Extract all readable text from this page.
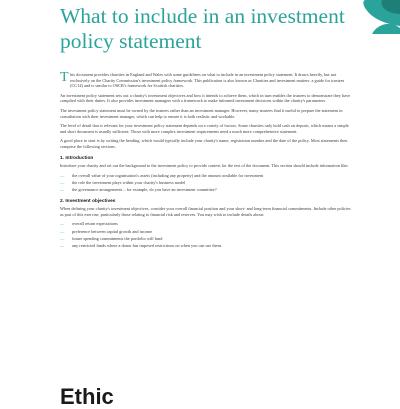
What to include in an investment policy statement

This document provides charities in England and Wales with some guidelines on what to include in an investment policy statement. It draws heavily, but not exclusively on the Charity Commission's investment policy framework. This publication is also known as Charities and investment matters: a guide for trustees (CC14) and is similar to OSCR's framework for Scottish charities.

An investment policy statement sets out a charity's investment objectives and how it intends to achieve them, which in turn enables the trustees to demonstrate they have complied with their duties. It also provides investment managers with a framework to make informed investment decisions within the charity's parameters.

The investment policy statement must be owned by the trustees rather than an investment manager. However, many trustees find it useful to prepare the statement in consultation with their investment manager, which can help to ensure it is both realistic and workable.

The level of detail that is relevant for your investment policy statement depends on a variety of factors. Some charities only hold cash on deposit, which means a simple and short document is usually sufficient. Those with more complex investment requirements need a much more comprehensive statement.

A good place to start is by writing the heading, which would typically include your charity's name, registration number and the date of the policy. Most statements then comprise the following sections.

1. Introduction

Introduce your charity and set out the background to the investment policy to provide context for the rest of the document. This section should include information like:

— the overall value of your organisation's assets (including any property) and the amount available for investment
— the role the investment plays within your charity's business model
— the governance arrangements – for example, do you have an investment committee?
2. Investment objectives

When defining your charity's investment objectives, consider your overall financial position and your short- and long-term financial commitments. Include other policies as part of this exercise, particularly those relating to financial risk and reserves. You may wish to include details about:

— overall return expectations
— preference between capital growth and income
— future spending commitments the portfolio will fund
— any restricted funds where a donor has imposed restrictions on when you can use them.
Ethic
